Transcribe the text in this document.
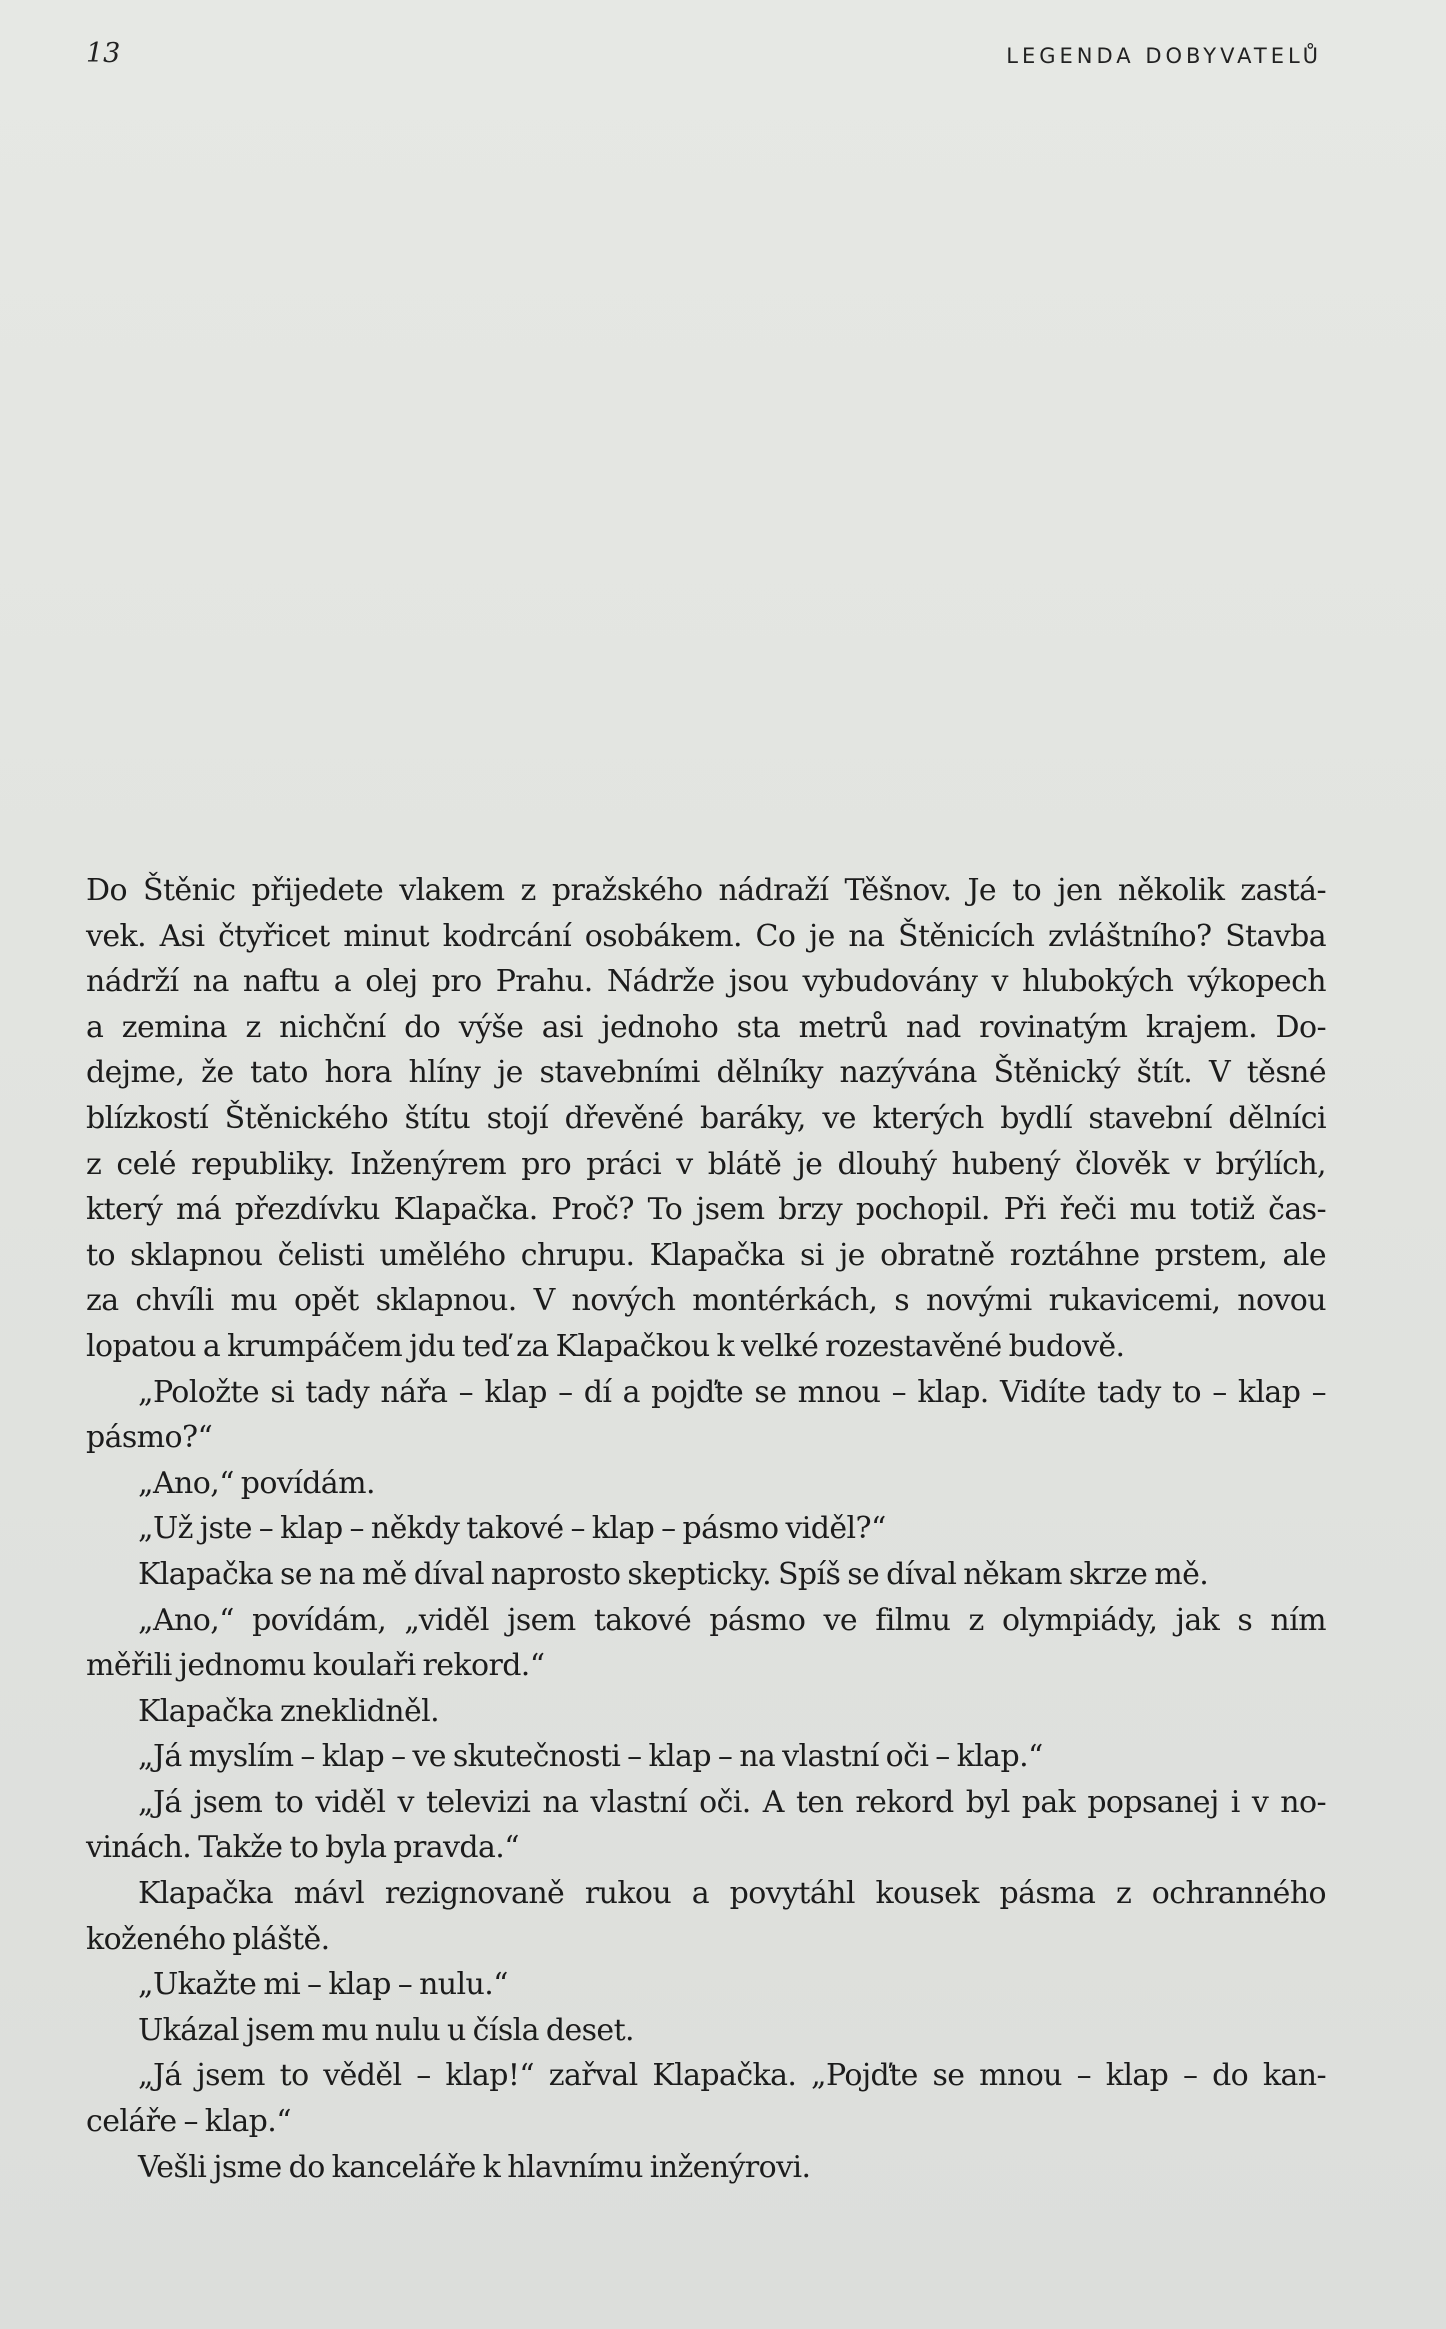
13	LEGENDA DOBYVATELŮ
Do Štěnic přijedete vlakem z pražského nádraží Těšnov. Je to jen několik zastá-
vek. Asi čtyřicet minut kodrcání osobákem. Co je na Štěnicích zvláštního? Stavba
nádrží na naftu a olej pro Prahu. Nádrže jsou vybudovány v hlubokých výkopech
a zemina z nichční do výše asi jednoho sta metrů nad rovinatým krajem. Do-
dejme, že tato hora hlíny je stavebními dělníky nazývána Štěnický štít. V těsné
blízkostí Štěnického štítu stojí dřevěné baráky, ve kterých bydlí stavební dělníci
z celé republiky. Inženýrem pro práci v blátě je dlouhý hubený člověk v brýlích,
který má přezdívku Klapačka. Proč? To jsem brzy pochopil. Při řeči mu totiž čas-
to sklapnou čelisti umělého chrupu. Klapačka si je obratně roztáhne prstem, ale
za chvíli mu opět sklapnou. V nových montérkách, s novými rukavicemi, novou
lopatou a krumpáčem jdu teď za Klapačkou k velké rozestavěné budově.
„Položte si tady nářa – klap – dí a pojďte se mnou – klap. Vidíte tady to – klap –
pásmo?“
„Ano,“ povídám.
„Už jste – klap – někdy takové – klap – pásmo viděl?“
Klapačka se na mě díval naprosto skepticky. Spíš se díval někam skrze mě.
„Ano,“ povídám, „viděl jsem takové pásmo ve filmu z olympiády, jak s ním
měřili jednomu koulaři rekord.“
Klapačka zneklidněl.
„Já myslím – klap – ve skutečnosti – klap – na vlastní oči – klap.“
„Já jsem to viděl v televizi na vlastní oči. A ten rekord byl pak popsanej i v no-
vinách. Takže to byla pravda.“
Klapačka mávl rezignovaně rukou a povytáhl kousek pásma z ochranného
koženého pláště.
„Ukažte mi – klap – nulu.“
Ukázal jsem mu nulu u čísla deset.
„Já jsem to věděl – klap!“ zařval Klapačka. „Pojďte se mnou – klap – do kan-
celáře – klap.“
Vešli jsme do kanceláře k hlavnímu inženýrovi.
